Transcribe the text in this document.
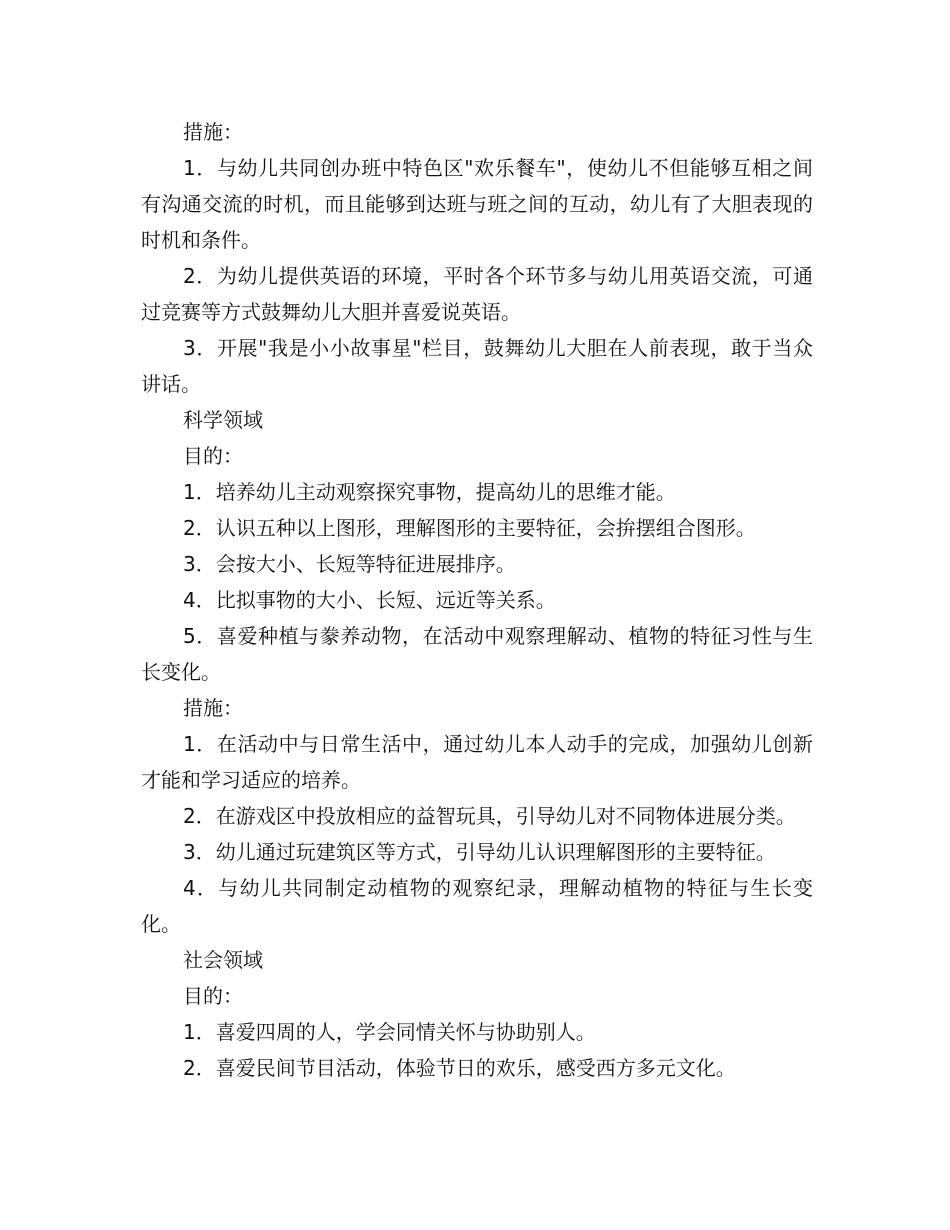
措施：

1．与幼儿共同创办班中特色区"欢乐餐车"，使幼儿不但能够互相之间有沟通交流的时机，而且能够到达班与班之间的互动，幼儿有了大胆表现的时机和条件。

2．为幼儿提供英语的环境，平时各个环节多与幼儿用英语交流，可通过竞赛等方式鼓舞幼儿大胆并喜爱说英语。

3．开展"我是小小故事星"栏目，鼓舞幼儿大胆在人前表现，敢于当众讲话。

科学领域

目的：

1．培养幼儿主动观察探究事物，提高幼儿的思维才能。

2．认识五种以上图形，理解图形的主要特征，会拚摆组合图形。

3．会按大小、长短等特征进展排序。

4．比拟事物的大小、长短、远近等关系。

5．喜爱种植与豢养动物，在活动中观察理解动、植物的特征习性与生长变化。

措施：

1．在活动中与日常生活中，通过幼儿本人动手的完成，加强幼儿创新才能和学习适应的培养。

2．在游戏区中投放相应的益智玩具，引导幼儿对不同物体进展分类。

3．幼儿通过玩建筑区等方式，引导幼儿认识理解图形的主要特征。

4．与幼儿共同制定动植物的观察纪录，理解动植物的特征与生长变化。

社会领域

目的：

1．喜爱四周的人，学会同情关怀与协助别人。

2．喜爱民间节目活动，体验节日的欢乐，感受西方多元文化。
